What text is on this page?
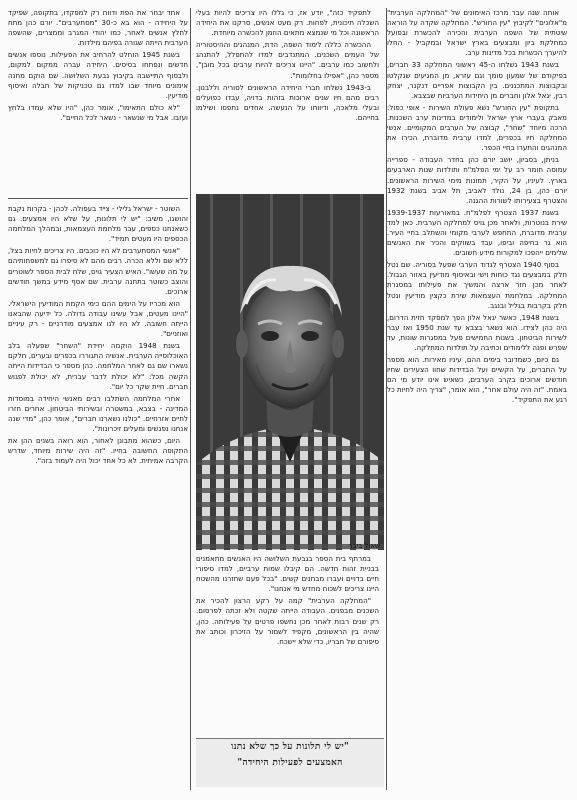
אותה שנה עבר מרכז האימונים של "המחלקה הערבית" מ"אלונים" לקיבוץ "עין החורש". המחלקה שקדה על הוראה שיטתית של השפה הערבית והכירה להכשרת ובפועל כמחלקת ביון ומבצעים בארץ ישראל ובמקביל - החלו להיערך הכשרות בכל מדינות ערב.

בשנת 1943 נשלחו ה-45 ראשוני המחלקה 33 חברים, בפיקודם של שמעון סומך וגם עזרא, מן המגיעים שנקלטו ובקבוצות המתכננים. בין הקבוצות אפריים דנקנר, יצחק רבין, יגאל אלון וחברים מן היחידות הערביות שבצבא.

בתקופת "עין החורש" נשא פעולת השירות - אופי כפול: מאבק בעברי ארץ ישראל ולימודים במדינות ערב השכנות. הרכה מיוחד "שחר", קבוצה של הערבים המקומיים. אנשי המחלקה חיו בכפרים, למדו ערבית מדוברת, הכירו את המנהגים והתערו בחיי הכפר.

בניתן, בסביון, יושב יורם כהן בחדר העבודה - ספרייה עמוסה חומר רב על ימי הפלמ"ח ותולדות שנות הארבעים בארץ. לעיניו, על הקיר, תמונות מימי השירות הראשונים. יורם כהן, בן 24, נולד לאביב, תל אביב בשנת 1932 והצטרף בצעירותו לשורות ההגנה.

בשנת 1937 הצטרף לפלמ"ח. במאורעות 1939-1937 שירת בנוטרות, ולאחר מכן גויס למחלקה הערבית. כאן למד ערבית מדוברת, התחפש לערבי מקומי והשתלב בחיי העיר. הוא גר בחיפה וביפו, עבד בשווקים והכיר את האנשים שלימים ייהפכו למקורות מידע חשובים.

בסוף 1940 הצטרף לגדוד הערבי שפעל בסוריה. שם נטל חלק במבצעים נגד כוחות וישי ובאיסוף מודיעין באזור הגבול. לאחר מכן חזר ארצה והמשיך את פעילותו במסגרת המחלקה. במלחמת העצמאות שירת כקצין מודיעין ונטל חלק בקרבות בגליל ובנגב.

בשנת 1948, כאשר יגאל אלון הפך למפקד חזית הדרום, היה כהן לצידו. הוא נשאר בצבא עד שנת 1950 ואז עבר לשירות הביטחון. בשנות החמישים פעל במסגרות שונות, עד שפרש ופנה ללימודים וכתיבה על תולדות המחלקה.

גם כיום, כשמדובר בימים ההם, עיניו מאירות. הוא מספר על החברים, על הקשיים ועל הבדידות שחוו הצעירים שחיו חודשים ארוכים בקרב הערבים, כשאיש אינו יודע מי הם באמת. "זה היה עולם אחר", הוא אומר, "צריך היה לחיות כל רגע את התפקיד".

לתפקיד כזה", יודע אז, כי גללו היו צריכים להיות בעלי השכלה תיכונית, לפחות. רק מעט אנשים, סרקנו את היחידה הראשונה וכל מי שנמצא מתאים הוזמן להכשרה מיוחדת.

ההכשרה כללה לימוד השפה, הדת, המנהגים וההיסטוריה של העמים השכנים. המתנדבים למדו להתפלל, להתנהג ולחשוב כמו ערבים. "היינו צריכים להיות ערבים בכל מובן", מספר כהן, "אפילו בחלומות".

ב-1943 נשלחו חברי היחידה הראשונים לסוריה וללבנון. רבים מהם חיו שנים ארוכות בזהות בדויה, עבדו כפועלים ובעלי מלאכה, ודיווחו על הנעשה. אחדים נתפסו ושילמו בחייהם.

אחד יבחר את הפת ודווח רק למפקדו, בתקופה, שפיקד על היחידה - הוא בא כ-30 "מסתערבים". יורם כהן מתח לחלץ אנשים לאחר, כמו יהודי המגרב וממצרים, שהשפה הערבית הייתה שגורה בפיהם מילדות.

בשנת 1945 הוחלט להרחיב את הפעילות. נוספו אנשים חדשים ונפתחו בסיסים. היחידה עברה ממקום למקום, ולבסוף התיישבה בקיבוץ גבעת השלושה. שם הוקם מחנה אימונים מיוחד שבו למדו גם טכניקות של חבלה ואיסוף מודיעין.

"לא כולם התאימו", אומר כהן, "היו שלא עמדו בלחץ ועזבו. אבל מי שנשאר - נשאר לכל החיים".

השוטר - ישראל גלילי - צייד בעפולה. לכהן - בקרות נקבת והושגו, משיב: "יש לי תלונות, על שלא היו אמצעים. גם כשאנחנו כספים, עבר מלחמת העצמאות, ובמהלך המלחמה הכספים היו מעטים תמיד".

"אנשי המסתערבים לא היו כוכבים. היו צריכים לחיות בצל, ללא שם וללא הכרה. רבים מהם לא סיפרו גם למשפחותיהם על מה שעשו". האיש הצעיר גויס, שלח לבית הספר לשוטרים והוצב כשוטר בתחנה ערבית. שם אסף מידע במשך חודשים ארוכים.

הוא מכריז על הימים ההם כימי הקמת המודיעין הישראלי. "היינו מעטים, אבל עשינו עבודה גדולה. כל ידיעה שהבאנו הייתה חשובה. לא היו לנו אמצעים מודרניים - רק עיניים ואוזניים".

בשנת 1948 הוקמה יחידת "השחר" שפעלה בלב האוכלוסייה הערבית. אנשיה התגוררו בכפרים ובערים, חלקם נשארו שם גם לאחר המלחמה. כהן מספר כי הבדידות הייתה הקשה מכל: "לא יכולת לדבר עברית, לא יכולת לפגוש חברים. חיית שקר כל יום".

אחרי המלחמה השתלבו רבים מאנשי היחידה במוסדות המדינה - בצבא, במשטרה ובשירותי הביטחון. אחרים חזרו לחיים אזרחיים. "כולנו נשארנו חברים", אומר כהן, "מדי שנה אנחנו נפגשים ומעלים זיכרונות".

היום, כשהוא מתבונן לאחור, הוא רואה בשנים ההן את התקופה החשובה בחייו. "זה היה שירות מיוחד, שדרש הקרבה אמיתית. לא כל אחד יכול היה לעמוד בזה".

שאול ביבר

במרתף בית הספר בגבעת השלושה היו האנשים מתאמנים בבניית זהות חדשה. הם קיבלו שמות ערביים, למדו סיפורי חיים בדויים ועברו מבחנים קשים. "בכל פעם שחזרנו מהשטח היינו צריכים לשכוח מחדש מי אנחנו".

"המחלקה הערבית" קמה על רקע הרצון להכיר את השכנים מבפנים. העבודה הייתה שקטה ולא זכתה לפרסום. רק שנים רבות לאחר מכן נחשפו פרטים על פעילותה. כהן, שהיה בין הראשונים, מקפיד לשמור על הזיכרון וכותב את סיפורם של חבריו, כדי שלא יישכח.

"יש לי תלונות על כך שלא נתנו
האמצעים לפעילות היחידה"
